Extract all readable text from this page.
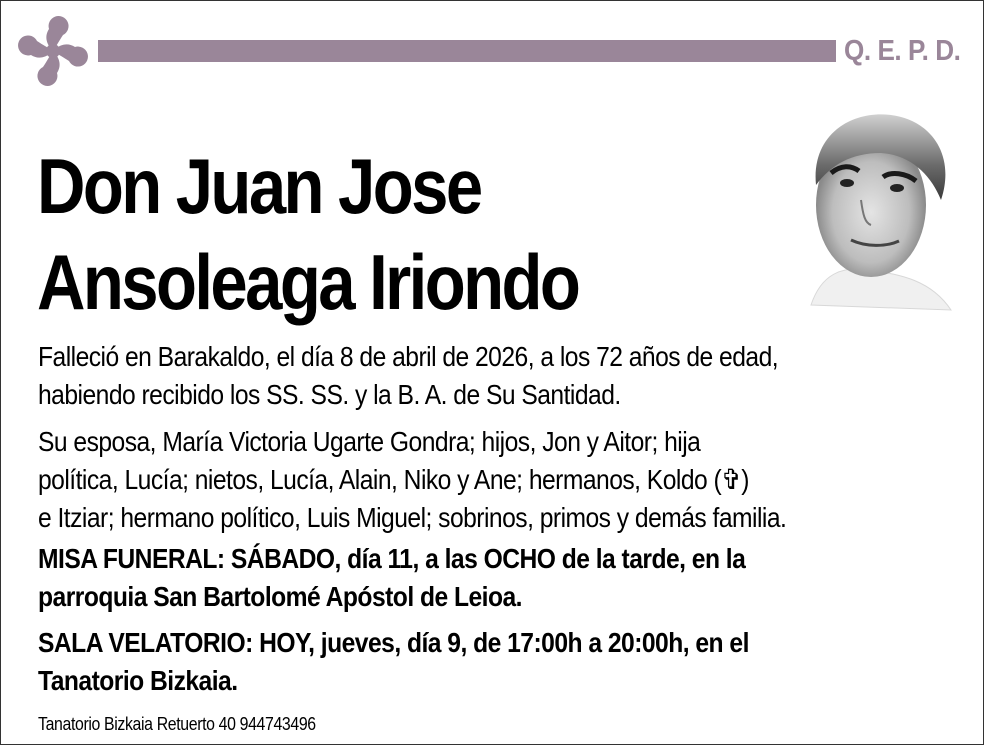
Q. E. P. D.
Don Juan Jose
Ansoleaga Iriondo
Falleció en Barakaldo, el día 8 de abril de 2026, a los 72 años de edad,
habiendo recibido los SS. SS. y la B. A. de Su Santidad.
Su esposa, María Victoria Ugarte Gondra; hijos, Jon y Aitor; hija
política, Lucía; nietos, Lucía, Alain, Niko y Ane; hermanos, Koldo (✞)
e Itziar; hermano político, Luis Miguel; sobrinos, primos y demás familia.
MISA FUNERAL: SÁBADO, día 11, a las OCHO de la tarde, en la
parroquia San Bartolomé Apóstol de Leioa.
SALA VELATORIO: HOY, jueves, día 9, de 17:00h a 20:00h, en el
Tanatorio Bizkaia.
Tanatorio Bizkaia Retuerto 40 944743496
